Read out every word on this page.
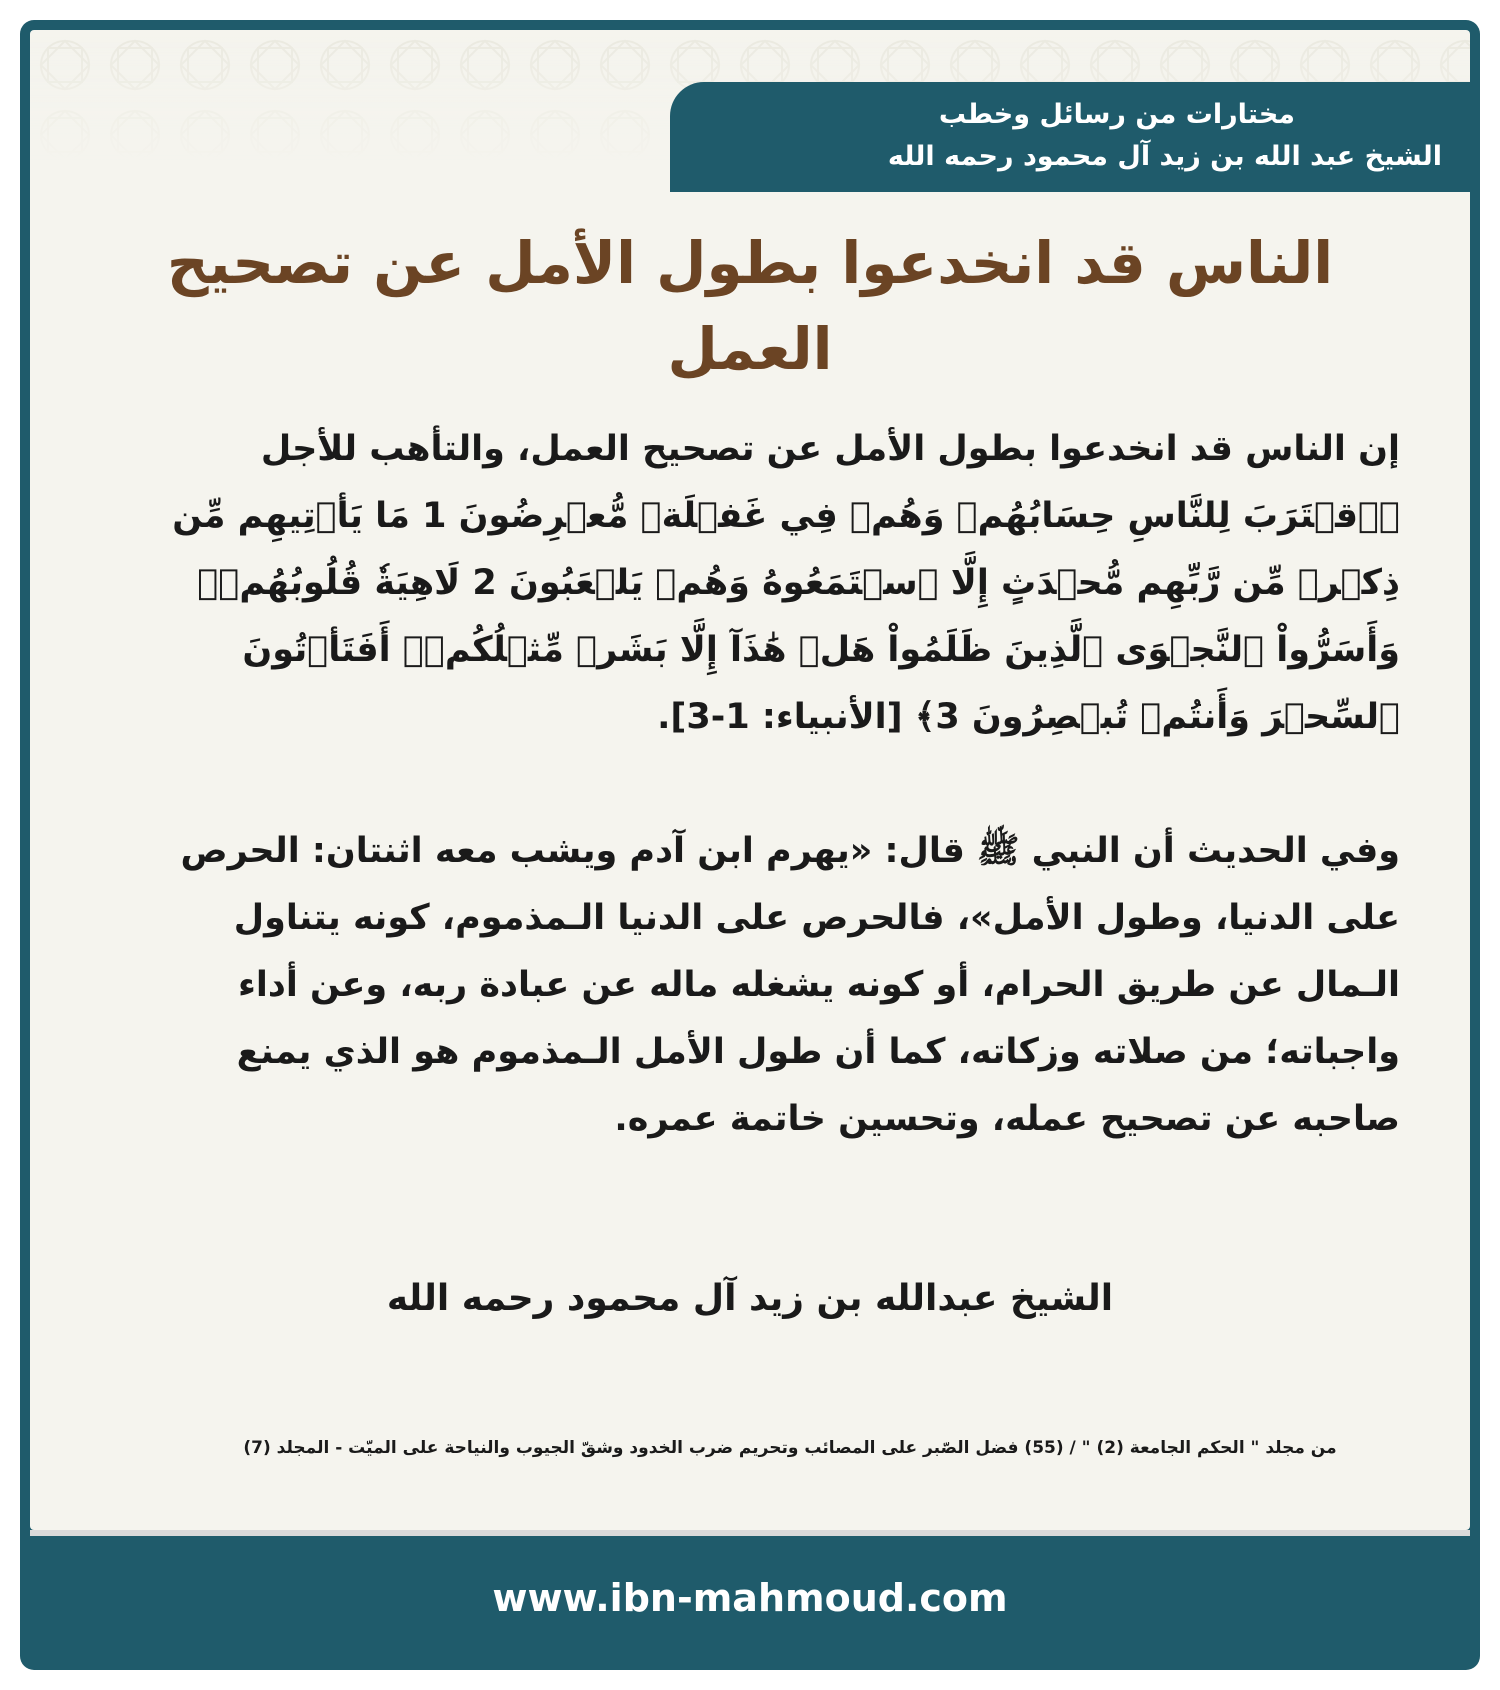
مختارات من رسائل وخطب
الشيخ عبد الله بن زيد آل محمود رحمه الله
الناس قد انخدعوا بطول الأمل عن تصحيح العمل
إن الناس قد انخدعوا بطول الأمل عن تصحيح العمل، والتأهب للأجل ﴿ٱقۡتَرَبَ لِلنَّاسِ حِسَابُهُمۡ وَهُمۡ فِي غَفۡلَةٖ مُّعۡرِضُونَ 1 مَا يَأۡتِيهِم مِّن ذِكۡرٖ مِّن رَّبِّهِم مُّحۡدَثٍ إِلَّا ٱسۡتَمَعُوهُ وَهُمۡ يَلۡعَبُونَ 2 لَاهِيَةٗ قُلُوبُهُمۡۗ وَأَسَرُّواْ ٱلنَّجۡوَى ٱلَّذِينَ ظَلَمُواْ هَلۡ هَٰذَآ إِلَّا بَشَرٞ مِّثۡلُكُمۡۖ أَفَتَأۡتُونَ ٱلسِّحۡرَ وَأَنتُمۡ تُبۡصِرُونَ 3﴾ [الأنبياء: 1-3].
وفي الحديث أن النبي ﷺ قال: «يهرم ابن آدم ويشب معه اثنتان: الحرص على الدنيا، وطول الأمل»، فالحرص على الدنيا الـمذموم، كونه يتناول الـمال عن طريق الحرام، أو كونه يشغله ماله عن عبادة ربه، وعن أداء واجباته؛ من صلاته وزكاته، كما أن طول الأمل الـمذموم هو الذي يمنع صاحبه عن تصحيح عمله، وتحسين خاتمة عمره.
الشيخ عبدالله بن زيد آل محمود رحمه الله
من مجلد " الحكم الجامعة (2) " / (55) فضل الصّبر على المصائب وتحريم ضرب الخدود وشقّ الجيوب والنياحة على الميّت - المجلد (7)
www.ibn-mahmoud.com
